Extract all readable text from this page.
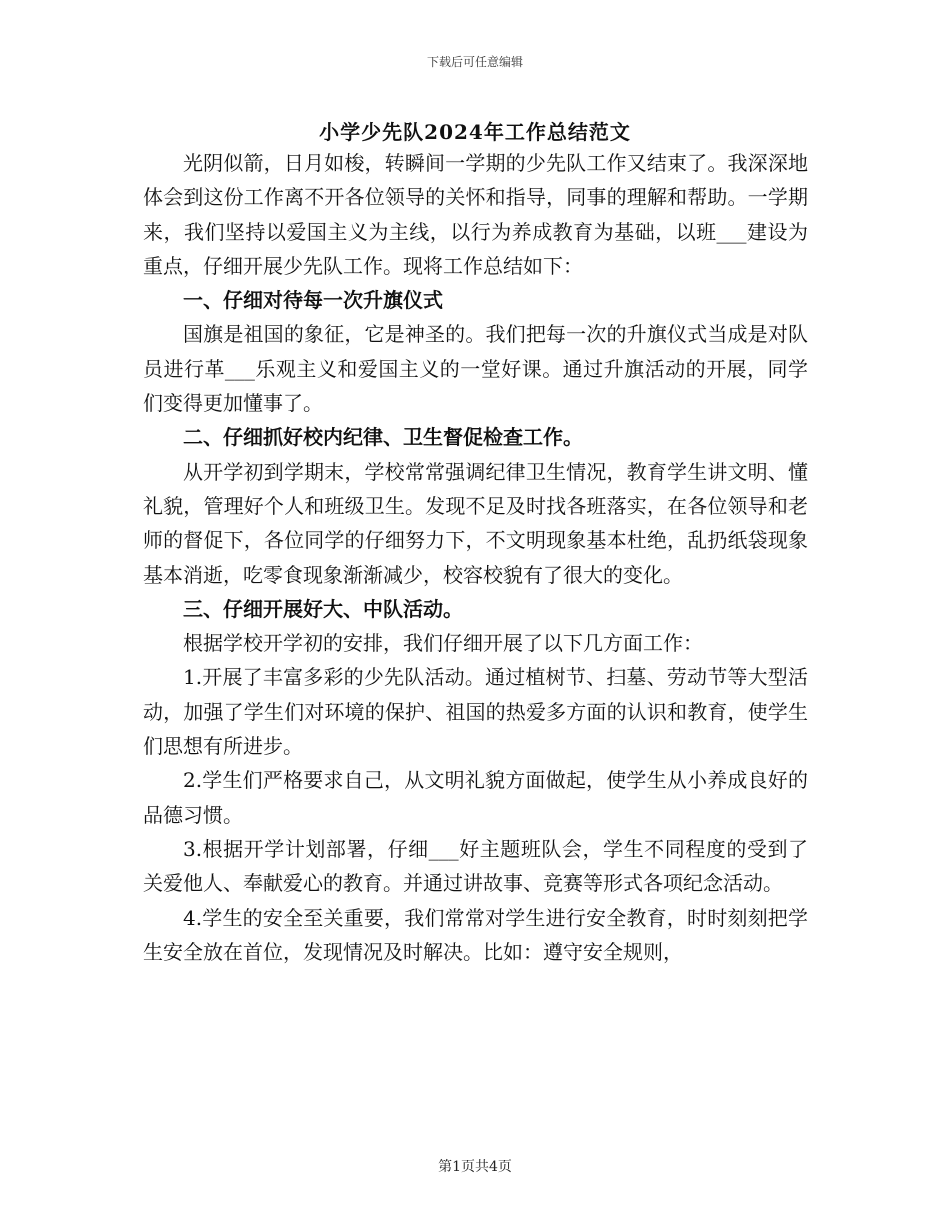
下载后可任意编辑
小学少先队2024年工作总结范文

光阴似箭，日月如梭，转瞬间一学期的少先队工作又结束了。我深深地体会到这份工作离不开各位领导的关怀和指导，同事的理解和帮助。一学期来，我们坚持以爱国主义为主线，以行为养成教育为基础，以班___建设为重点，仔细开展少先队工作。现将工作总结如下：

一、仔细对待每一次升旗仪式

国旗是祖国的象征，它是神圣的。我们把每一次的升旗仪式当成是对队员进行革___乐观主义和爱国主义的一堂好课。通过升旗活动的开展，同学们变得更加懂事了。

二、仔细抓好校内纪律、卫生督促检查工作。

从开学初到学期末，学校常常强调纪律卫生情况，教育学生讲文明、懂礼貌，管理好个人和班级卫生。发现不足及时找各班落实，在各位领导和老师的督促下，各位同学的仔细努力下，不文明现象基本杜绝，乱扔纸袋现象基本消逝，吃零食现象渐渐减少，校容校貌有了很大的变化。

三、仔细开展好大、中队活动。

根据学校开学初的安排，我们仔细开展了以下几方面工作：

1.开展了丰富多彩的少先队活动。通过植树节、扫墓、劳动节等大型活动，加强了学生们对环境的保护、祖国的热爱多方面的认识和教育，使学生们思想有所进步。

2.学生们严格要求自己，从文明礼貌方面做起，使学生从小养成良好的品德习惯。

3.根据开学计划部署，仔细___好主题班队会，学生不同程度的受到了关爱他人、奉献爱心的教育。并通过讲故事、竞赛等形式各项纪念活动。

4.学生的安全至关重要，我们常常对学生进行安全教育，时时刻刻把学生安全放在首位，发现情况及时解决。比如：遵守安全规则，

第1页共4页
